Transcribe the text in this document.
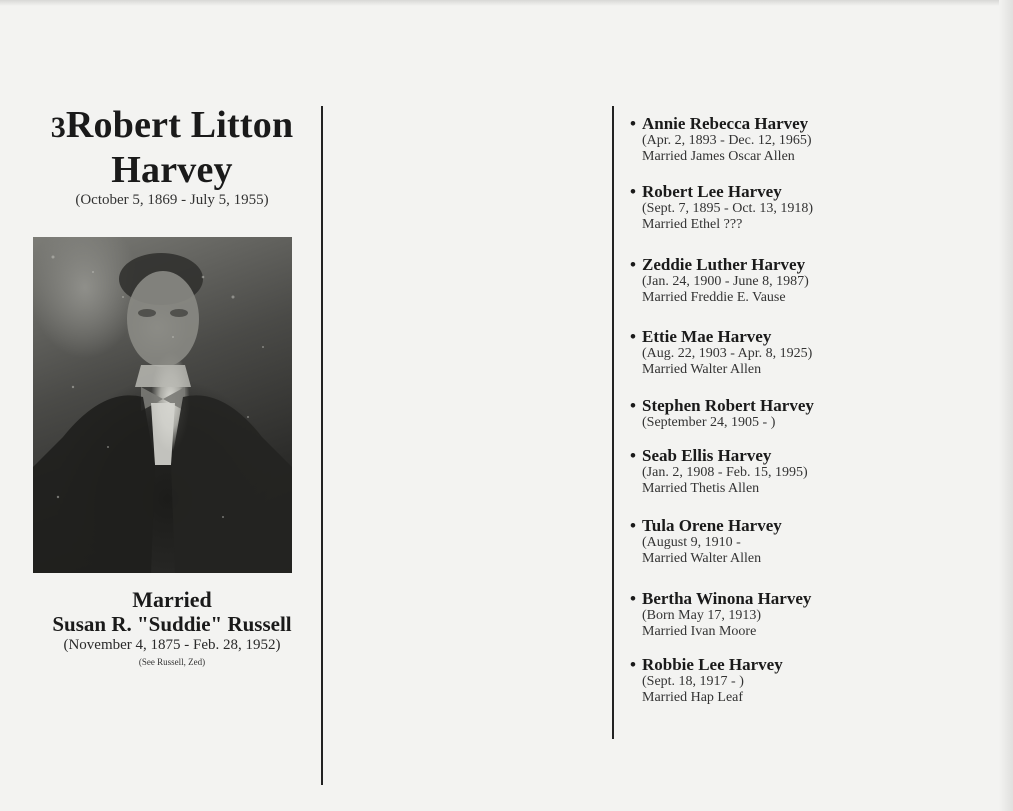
3Robert Litton
Harvey
(October 5, 1869 - July 5, 1955)
Married
Susan R. "Suddie" Russell
(November 4, 1875 - Feb. 28, 1952)
(See Russell, Zed)
• Annie Rebecca Harvey
(Apr. 2, 1893 - Dec. 12, 1965)
Married James Oscar Allen
• Robert Lee Harvey
(Sept. 7, 1895 - Oct. 13, 1918)
Married Ethel ???
• Zeddie Luther Harvey
(Jan. 24, 1900 - June 8, 1987)
Married Freddie E. Vause
• Ettie Mae Harvey
(Aug. 22, 1903 - Apr. 8, 1925)
Married Walter Allen
• Stephen Robert Harvey
(September 24, 1905 - )
• Seab Ellis Harvey
(Jan. 2, 1908 - Feb. 15, 1995)
Married Thetis Allen
• Tula Orene Harvey
(August 9, 1910 -
Married Walter Allen
• Bertha Winona Harvey
(Born May 17, 1913)
Married Ivan Moore
• Robbie Lee Harvey
(Sept. 18, 1917 - )
Married Hap Leaf
